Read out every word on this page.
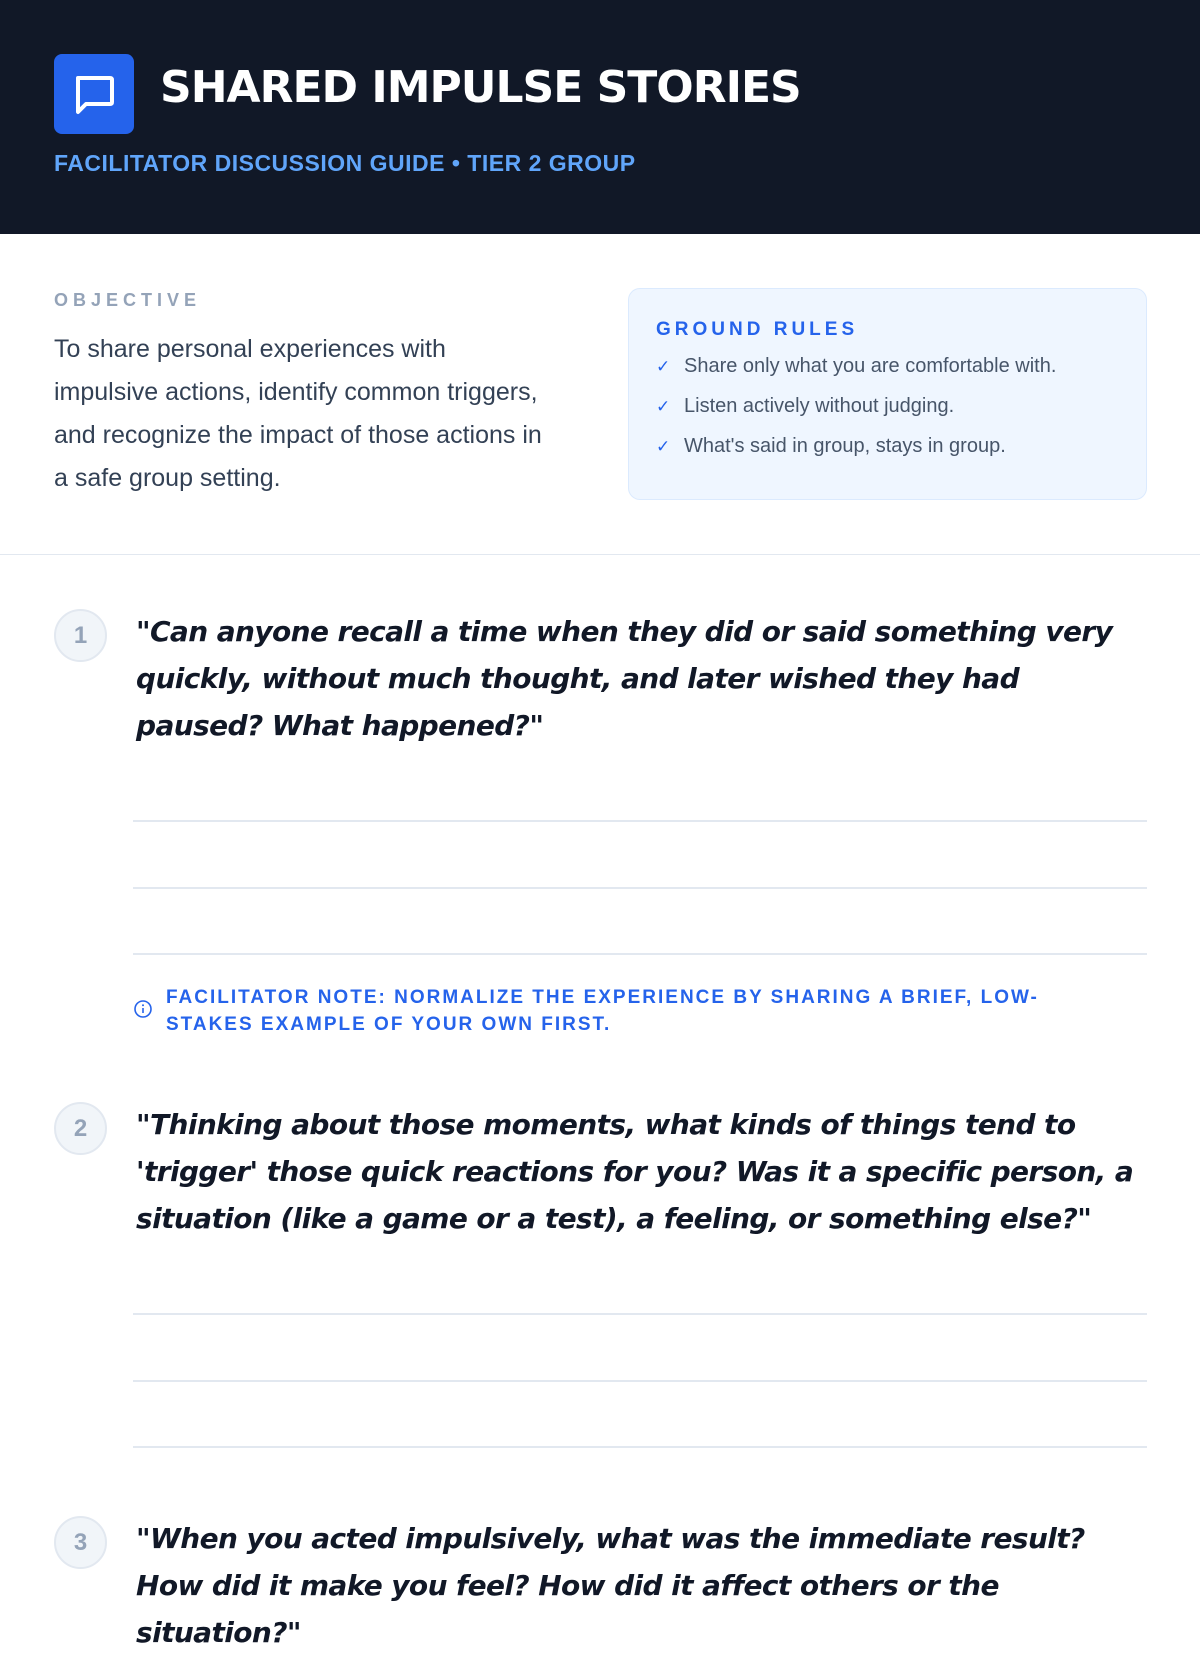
SHARED IMPULSE STORIES
FACILITATOR DISCUSSION GUIDE • TIER 2 GROUP
OBJECTIVE
To share personal experiences with impulsive actions, identify common triggers, and recognize the impact of those actions in a safe group setting.
GROUND RULES
✓ Share only what you are comfortable with.
✓ Listen actively without judging.
✓ What's said in group, stays in group.
1	"Can anyone recall a time when they did or said something very quickly, without much thought, and later wished they had paused? What happened?"
FACILITATOR NOTE: NORMALIZE THE EXPERIENCE BY SHARING A BRIEF, LOW-STAKES EXAMPLE OF YOUR OWN FIRST.
2	"Thinking about those moments, what kinds of things tend to 'trigger' those quick reactions for you? Was it a specific person, a situation (like a game or a test), a feeling, or something else?"
3	"When you acted impulsively, what was the immediate result? How did it make you feel? How did it affect others or the situation?"
